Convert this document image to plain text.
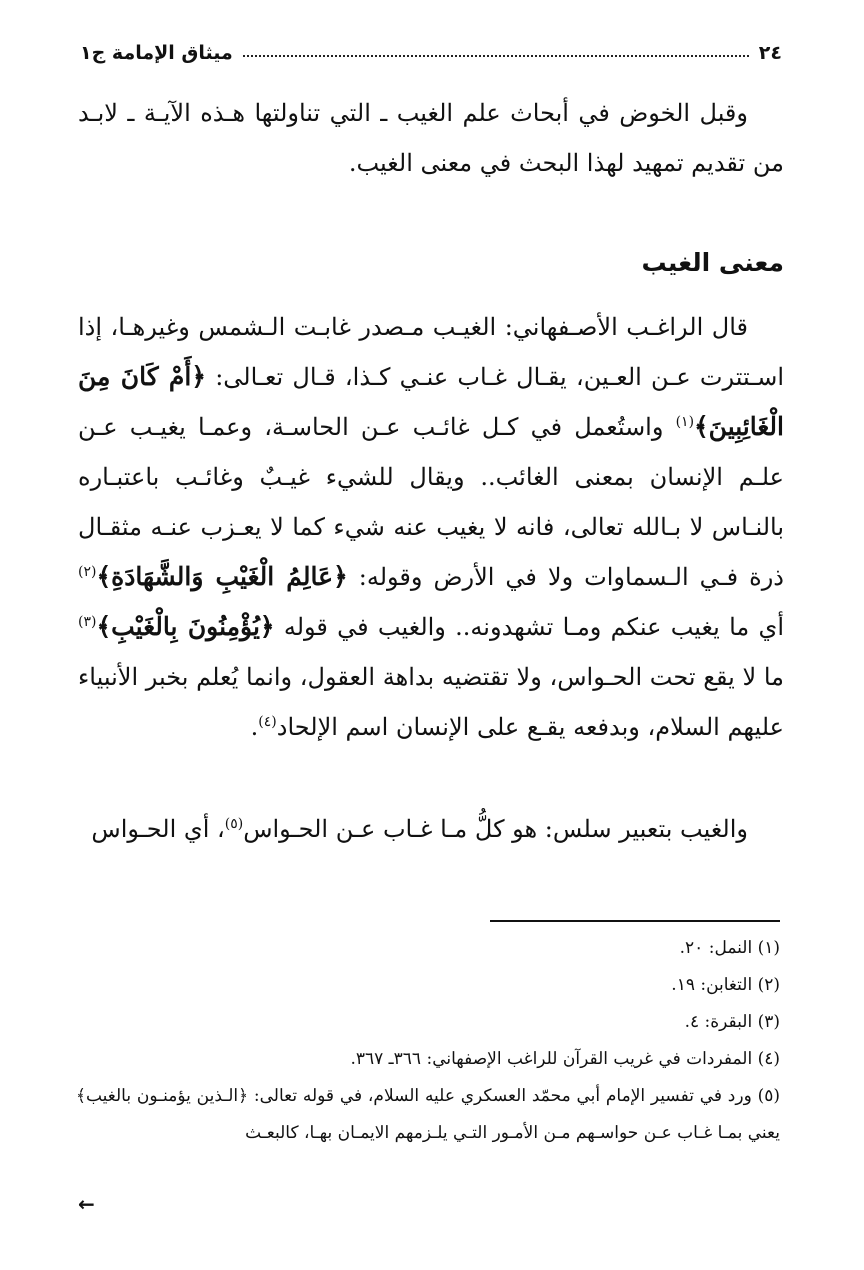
٢٤
ميثاق الإمامة ج١
وقبل الخوض في أبحاث علم الغيب ـ التي تناولتها هـذه الآيـة ـ لابـد من تقديم تمهيد لهذا البحث في معنى الغيب.
معنى الغيب
قال الراغـب الأصـفهاني: الغيـب مـصدر غابـت الـشمس وغيرهـا، إذا اسـتترت عـن العـين، يقـال غـاب عنـي كـذا، قـال تعـالى: ﴿أَمْ كَانَ مِنَ الْغَائِبِينَ﴾$^{(١)}$ واستُعمل في كـل غائـب عـن الحاسـة، وعمـا يغيـب عـن علـم الإنسان بمعنى الغائب.. ويقال للشيء غيـبٌ وغائـب باعتبـاره بالنـاس لا بـالله تعالى، فانه لا يغيب عنه شيء كما لا يعـزب عنـه مثقـال ذرة فـي الـسماوات ولا في الأرض وقوله: ﴿عَالِمُ الْغَيْبِ وَالشَّهَادَةِ﴾$^{(٢)}$ أي ما يغيب عنكم ومـا تشهدونه.. والغيب في قوله ﴿يُؤْمِنُونَ بِالْغَيْبِ﴾$^{(٣)}$ ما لا يقع تحت الحـواس، ولا تقتضيه بداهة العقول، وانما يُعلم بخبر الأنبياء عليهم السلام، وبدفعه يقـع على الإنسان اسم الإلحاد$^{(٤)}$.
والغيب بتعبير سلس: هو كلُّ مـا غـاب عـن الحـواس$^{(٥)}$، أي الحـواس

(١) النمل: ٢٠.

(٢) التغابن: ١٩.

(٣) البقرة: ٤.

(٤) المفردات في غريب القرآن للراغب الإصفهاني: ٣٦٦ـ ٣٦٧.

(٥) ورد في تفسير الإمام أبي محمّد العسكري عليه السلام، في قوله تعالى: ﴿الـذين يؤمنـون بالغيب﴾ يعني بمـا غـاب عـن حواسـهم مـن الأمـور التـي يلـزمهم الايمـان بهـا، كالبعـث

←
